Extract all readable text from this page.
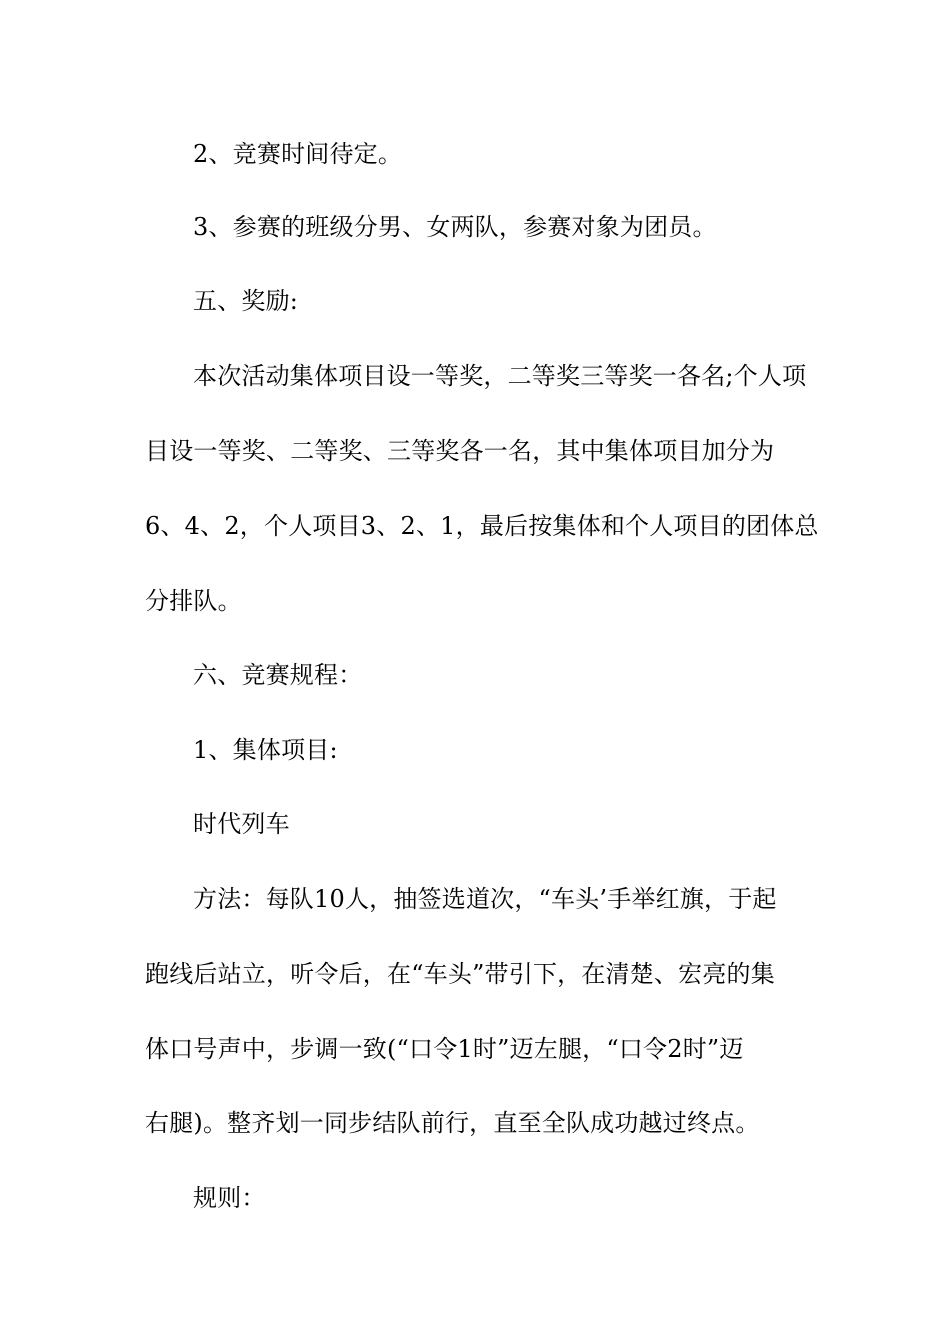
2、竞赛时间待定。
3、参赛的班级分男、女两队，参赛对象为团员。
五、奖励:
本次活动集体项目设一等奖，二等奖三等奖一各名;个人项
目设一等奖、二等奖、三等奖各一名，其中集体项目加分为
6、4、2，个人项目3、2、1，最后按集体和个人项目的团体总
分排队。
六、竞赛规程：
1、集体项目:
时代列车
方法：每队10人，抽签选道次，“车头’手举红旗，于起
跑线后站立，听令后，在“车头”带引下，在清楚、宏亮的集
体口号声中，步调一致(“口令1时”迈左腿，“口令2时”迈
右腿)。整齐划一同步结队前行，直至全队成功越过终点。
规则：
